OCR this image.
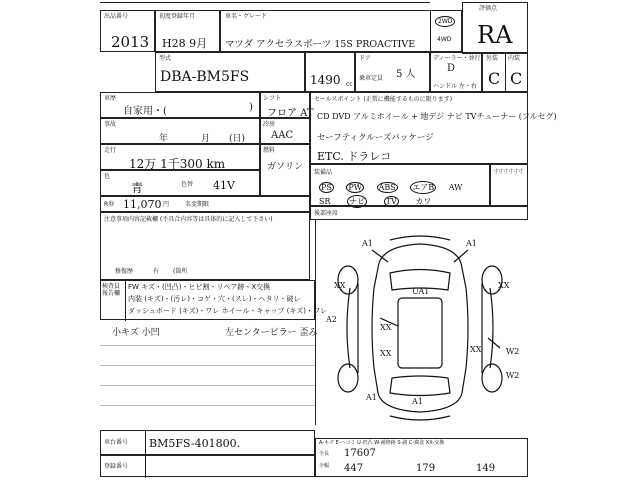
出品番号
2013
初度登録年月
H28 9月
車名・グレード
マツダ アクセラスポーツ 15S PROACTIVE
2WD
4WD
評価点
RA
型式
DBA-BM5FS	1490 cc
ドア
乗車定員 5 人
ディーラー・並行
D
ハンドル 左・右
外装 内装
C C
車歴
自家用・(	)
シフト
フロア AT
事故
年	月 (日)
冷房
AAC
走行
12万 1千300 km
燃料
ガソリン
色
青	色替 41V
R券 11,070 円	名変期限
注意事項内容記載欄 (不具合内容等は具体的に記入して下さい)
修復歴	有 (箇所
セールスポイント (正常に機能するものに限ります)
CD DVD アルミホイール + 地デジ ナビ TVチューナー (フルセグ)
セーフティクルーズパッケージ
ETC. ドラレコ
装備品
PS PW ABS エアB AW
SR ナビ	TV カワ
寸寸寸寸寸寸
後部座席
検査員 報告欄
FW キズ・(凹凸)・ヒビ割・リペア跡・X交換
内装 (キズ)・(汚レ)・コゲ・穴・(スレ)・ヘタリ・破レ
ダッシュボード (キズ)・ワレ ホイール・キャップ (キズ)・ワレ
小キズ 小凹	左センターピラー 歪み
A1	A1
XX
UA1
XX
XX
XX
A2
XX	W2
A1
W2
A1
車台番号 BM5FS-401800.
登録番号
A-キズ E-ヘコミ U-凹凸 W-補修跡 S-錆 C-腐食 XX-交換
全長
全幅
17607
447	179	149
